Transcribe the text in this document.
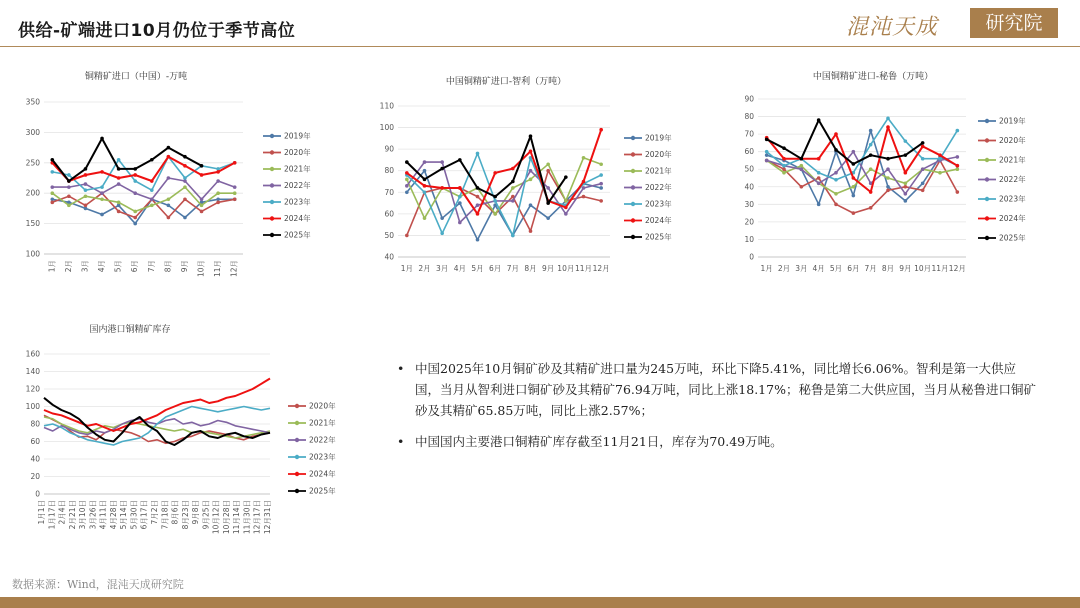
供给-矿端进口10月仍位于季节高位	混沌天成	研究院
铜精矿进口（中国）-万吨
100
150
200
250
300
350
1月 2月 3月 4月 5月 6月 7月 8月 9月 10月 11月 12月
2019年
2020年
2021年
2022年
2023年
2024年
2025年
中国铜精矿进口-智利（万吨）
40
50
60
70
80
90
100
110
1月 2月 3月 4月 5月 6月 7月 8月 9月 10月 11月 12月
2019年
2020年
2021年
2022年
2023年
2024年
2025年
中国铜精矿进口-秘鲁（万吨）
0
10
20
30
40
50
60
70
80
90
1月 2月 3月 4月 5月 6月 7月 8月 9月 10月 11月 12月
2019年
2020年
2021年
2022年
2023年
2024年
2025年
国内港口铜精矿库存
0
20
40
60
80
100
120
140
160
1月1日 1月17日 2月4日 2月21日 3月10日 3月26日 4月11日 4月28日 5月14日 5月30日 6月17日 7月2日 7月18日 8月6日 8月23日 9月8日 9月25日 10月12日 10月28日 11月14日 11月30日 12月17日 12月31日
2020年
2021年
2022年
2023年
2024年
2025年
• 中国2025年10月铜矿砂及其精矿进口量为245万吨，环比下降5.41%，同比增长6.06%。智利是第一大供应国，当月从智利进口铜矿砂及其精矿76.94万吨，同比上涨18.17%；秘鲁是第二大供应国，当月从秘鲁进口铜矿砂及其精矿65.85万吨，同比上涨2.57%；
• 中国国内主要港口铜精矿库存截至11月21日，库存为70.49万吨。
数据来源：Wind，混沌天成研究院
